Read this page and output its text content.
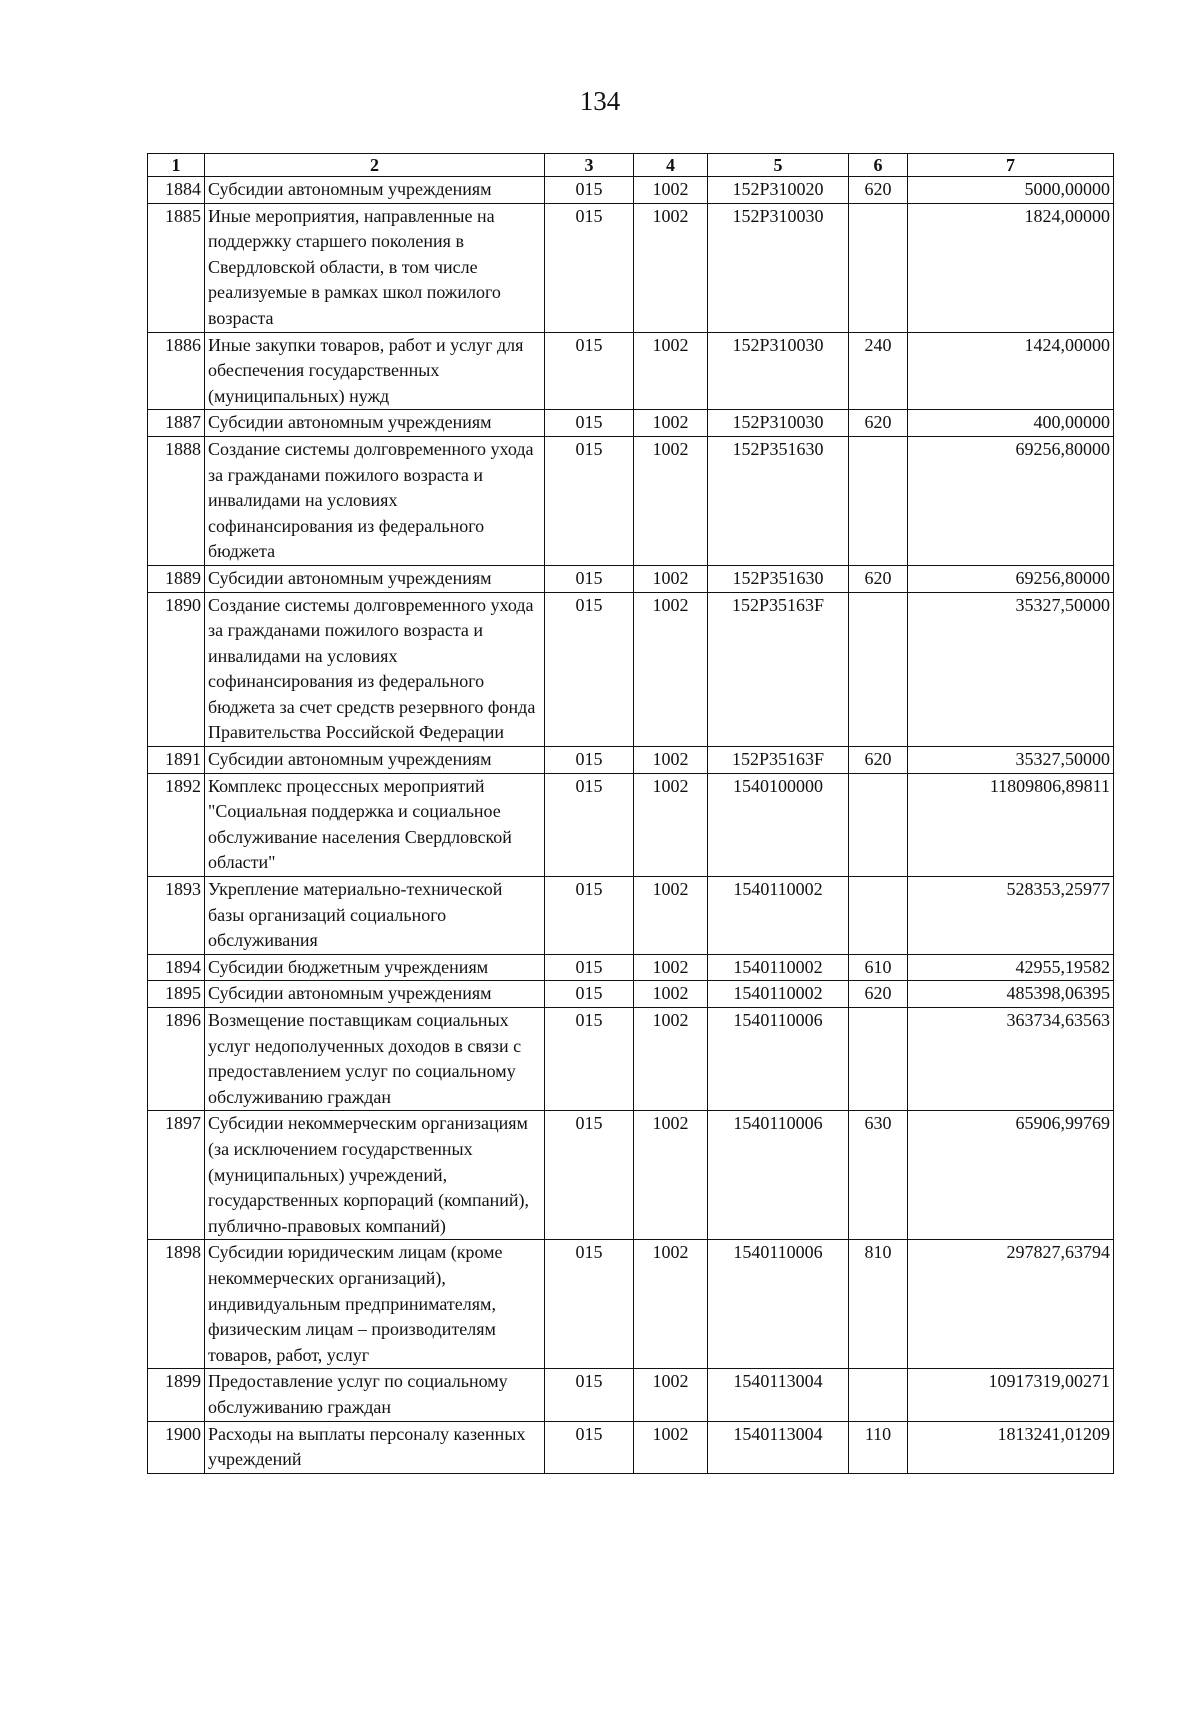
134
1	2	3	4	5	6	7
1884	Субсидии автономным учреждениям	015	1002	152Р310020	620	5000,00000
1885	Иные мероприятия, направленные на поддержку старшего поколения в Свердловской области, в том числе реализуемые в рамках школ пожилого возраста	015	1002	152Р310030		1824,00000
1886	Иные закупки товаров, работ и услуг для обеспечения государственных (муниципальных) нужд	015	1002	152Р310030	240	1424,00000
1887	Субсидии автономным учреждениям	015	1002	152Р310030	620	400,00000
1888	Создание системы долговременного ухода за гражданами пожилого возраста и инвалидами на условиях софинансирования из федерального бюджета	015	1002	152Р351630		69256,80000
1889	Субсидии автономным учреждениям	015	1002	152Р351630	620	69256,80000
1890	Создание системы долговременного ухода за гражданами пожилого возраста и инвалидами на условиях софинансирования из федерального бюджета за счет средств резервного фонда Правительства Российской Федерации	015	1002	152Р35163F		35327,50000
1891	Субсидии автономным учреждениям	015	1002	152Р35163F	620	35327,50000
1892	Комплекс процессных мероприятий "Социальная поддержка и социальное обслуживание населения Свердловской области"	015	1002	1540100000		11809806,89811
1893	Укрепление материально-технической базы организаций социального обслуживания	015	1002	1540110002		528353,25977
1894	Субсидии бюджетным учреждениям	015	1002	1540110002	610	42955,19582
1895	Субсидии автономным учреждениям	015	1002	1540110002	620	485398,06395
1896	Возмещение поставщикам социальных услуг недополученных доходов в связи с предоставлением услуг по социальному обслуживанию граждан	015	1002	1540110006		363734,63563
1897	Субсидии некоммерческим организациям (за исключением государственных (муниципальных) учреждений, государственных корпораций (компаний), публично-правовых компаний)	015	1002	1540110006	630	65906,99769
1898	Субсидии юридическим лицам (кроме некоммерческих организаций), индивидуальным предпринимателям, физическим лицам – производителям товаров, работ, услуг	015	1002	1540110006	810	297827,63794
1899	Предоставление услуг по социальному обслуживанию граждан	015	1002	1540113004		10917319,00271
1900	Расходы на выплаты персоналу казенных учреждений	015	1002	1540113004	110	1813241,01209
